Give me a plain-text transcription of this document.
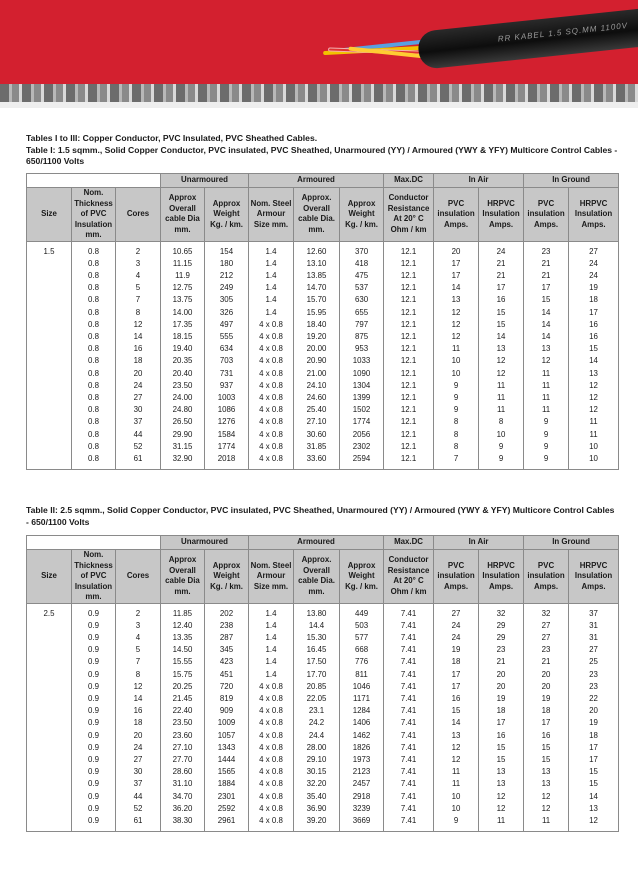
RR KABEL 1.5 SQ.MM 1100V
Tables I to III: Copper Conductor, PVC Insulated, PVC Sheathed Cables.
Table I: 1.5 sqmm., Solid Copper Conductor, PVC insulated, PVC Sheathed, Unarmoured (YY) / Armoured (YWY & YFY) Multicore Control Cables - 650/1100 Volts
			Unarmoured		Armoured			Max.DC	In Air		In Ground	
Size	Nom. Thickness of PVC Insulation mm.	Cores	Approx Overall cable Dia mm.	Approx Weight Kg. / km.	Nom. Steel Armour Size mm.	Approx. Overall cable Dia. mm.	Approx Weight Kg. / km.	Conductor Resistance At 20° C Ohm / km	PVC insulation Amps.	HRPVC Insulation Amps.	PVC insulation Amps.	HRPVC Insulation Amps.
1.5	0.8	2	10.65	154	1.4	12.60	370	12.1	20	24	23	27
	0.8	3	11.15	180	1.4	13.10	418	12.1	17	21	21	24
	0.8	4	11.9	212	1.4	13.85	475	12.1	17	21	21	24
	0.8	5	12.75	249	1.4	14.70	537	12.1	14	17	17	19
	0.8	7	13.75	305	1.4	15.70	630	12.1	13	16	15	18
	0.8	8	14.00	326	1.4	15.95	655	12.1	12	15	14	17
	0.8	12	17.35	497	4 x 0.8	18.40	797	12.1	12	15	14	16
	0.8	14	18.15	555	4 x 0.8	19.20	875	12.1	12	14	14	16
	0.8	16	19.40	634	4 x 0.8	20.00	953	12.1	11	13	13	15
	0.8	18	20.35	703	4 x 0.8	20.90	1033	12.1	10	12	12	14
	0.8	20	20.40	731	4 x 0.8	21.00	1090	12.1	10	12	11	13
	0.8	24	23.50	937	4 x 0.8	24.10	1304	12.1	9	11	11	12
	0.8	27	24.00	1003	4 x 0.8	24.60	1399	12.1	9	11	11	12
	0.8	30	24.80	1086	4 x 0.8	25.40	1502	12.1	9	11	11	12
	0.8	37	26.50	1276	4 x 0.8	27.10	1774	12.1	8	8	9	11
	0.8	44	29.90	1584	4 x 0.8	30.60	2056	12.1	8	10	9	11
	0.8	52	31.15	1774	4 x 0.8	31.85	2302	12.1	8	9	9	10
	0.8	61	32.90	2018	4 x 0.8	33.60	2594	12.1	7	9	9	10
Table II: 2.5 sqmm., Solid Copper Conductor, PVC insulated, PVC Sheathed, Unarmoured (YY) / Armoured (YWY & YFY) Multicore Control Cables - 650/1100 Volts
			Unarmoured		Armoured			Max.DC	In Air		In Ground	
Size	Nom. Thickness of PVC Insulation mm.	Cores	Approx Overall cable Dia mm.	Approx Weight Kg. / km.	Nom. Steel Armour Size mm.	Approx. Overall cable Dia. mm.	Approx Weight Kg. / km.	Conductor Resistance At 20° C Ohm / km	PVC insulation Amps.	HRPVC Insulation Amps.	PVC insulation Amps.	HRPVC Insulation Amps.
2.5	0.9	2	11.85	202	1.4	13.80	449	7.41	27	32	32	37
	0.9	3	12.40	238	1.4	14.4	503	7.41	24	29	27	31
	0.9	4	13.35	287	1.4	15.30	577	7.41	24	29	27	31
	0.9	5	14.50	345	1.4	16.45	668	7.41	19	23	23	27
	0.9	7	15.55	423	1.4	17.50	776	7.41	18	21	21	25
	0.9	8	15.75	451	1.4	17.70	811	7.41	17	20	20	23
	0.9	12	20.25	720	4 x 0.8	20.85	1046	7.41	17	20	20	23
	0.9	14	21.45	819	4 x 0.8	22.05	1171	7.41	16	19	19	22
	0.9	16	22.40	909	4 x 0.8	23.1	1284	7.41	15	18	18	20
	0.9	18	23.50	1009	4 x 0.8	24.2	1406	7.41	14	17	17	19
	0.9	20	23.60	1057	4 x 0.8	24.4	1462	7.41	13	16	16	18
	0.9	24	27.10	1343	4 x 0.8	28.00	1826	7.41	12	15	15	17
	0.9	27	27.70	1444	4 x 0.8	29.10	1973	7.41	12	15	15	17
	0.9	30	28.60	1565	4 x 0.8	30.15	2123	7.41	11	13	13	15
	0.9	37	31.10	1884	4 x 0.8	32.20	2457	7.41	11	13	13	15
	0.9	44	34.70	2301	4 x 0.8	35.40	2918	7.41	10	12	12	14
	0.9	52	36.20	2592	4 x 0.8	36.90	3239	7.41	10	12	12	13
	0.9	61	38.30	2961	4 x 0.8	39.20	3669	7.41	9	11	11	12
